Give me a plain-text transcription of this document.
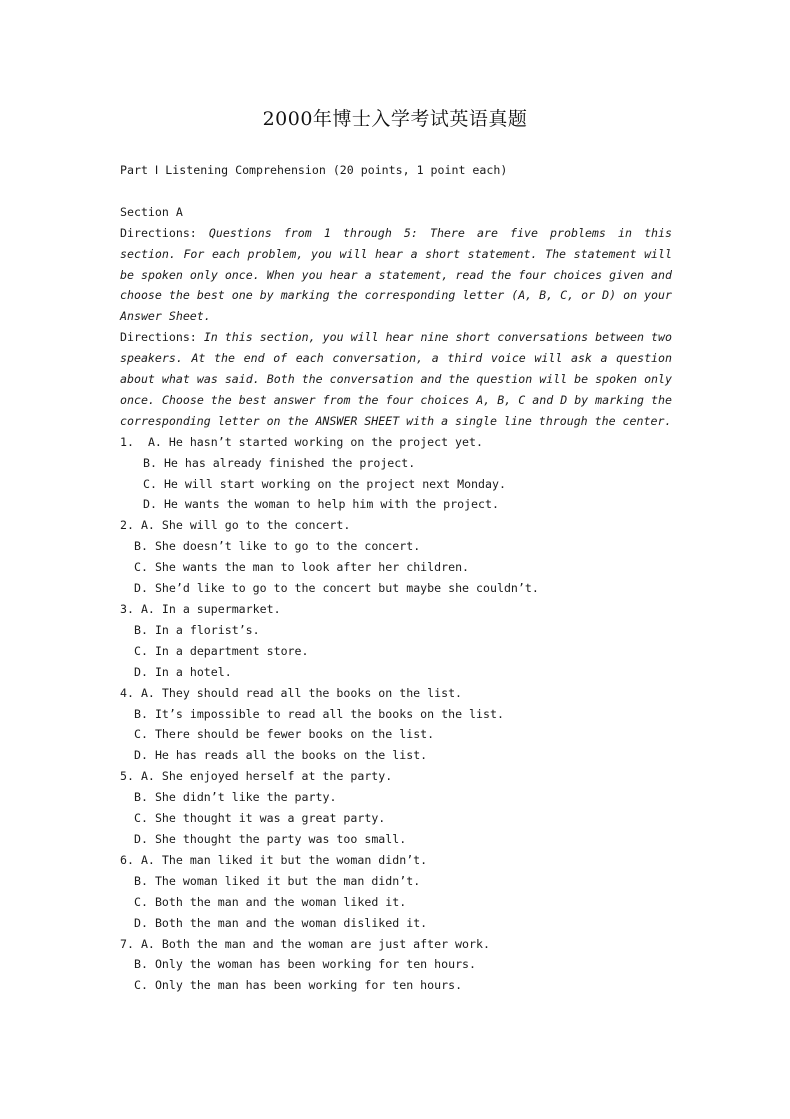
2000年博士入学考试英语真题
Part Ⅰ Listening Comprehension (20 points, 1 point each)
Section A
Directions: Questions from 1 through 5: There are five problems in this section. For each problem, you will hear a short statement. The statement will be spoken only once. When you hear a statement, read the four choices given and choose the best one by marking the corresponding letter (A, B, C, or D) on your Answer Sheet.
Directions: In this section, you will hear nine short conversations between two speakers. At the end of each conversation, a third voice will ask a question about what was said. Both the conversation and the question will be spoken only once. Choose the best answer from the four choices A, B, C and D by marking the corresponding letter on the ANSWER SHEET with a single line through the center.
1. A. He hasn’t started working on the project yet.
B. He has already finished the project.
C. He will start working on the project next Monday.
D. He wants the woman to help him with the project.
2. A. She will go to the concert.
B. She doesn’t like to go to the concert.
C. She wants the man to look after her children.
D. She’d like to go to the concert but maybe she couldn’t.
3. A. In a supermarket.
B. In a florist’s.
C. In a department store.
D. In a hotel.
4. A. They should read all the books on the list.
B. It’s impossible to read all the books on the list.
C. There should be fewer books on the list.
D. He has reads all the books on the list.
5. A. She enjoyed herself at the party.
B. She didn’t like the party.
C. She thought it was a great party.
D. She thought the party was too small.
6. A. The man liked it but the woman didn’t.
B. The woman liked it but the man didn’t.
C. Both the man and the woman liked it.
D. Both the man and the woman disliked it.
7. A. Both the man and the woman are just after work.
B. Only the woman has been working for ten hours.
C. Only the man has been working for ten hours.
